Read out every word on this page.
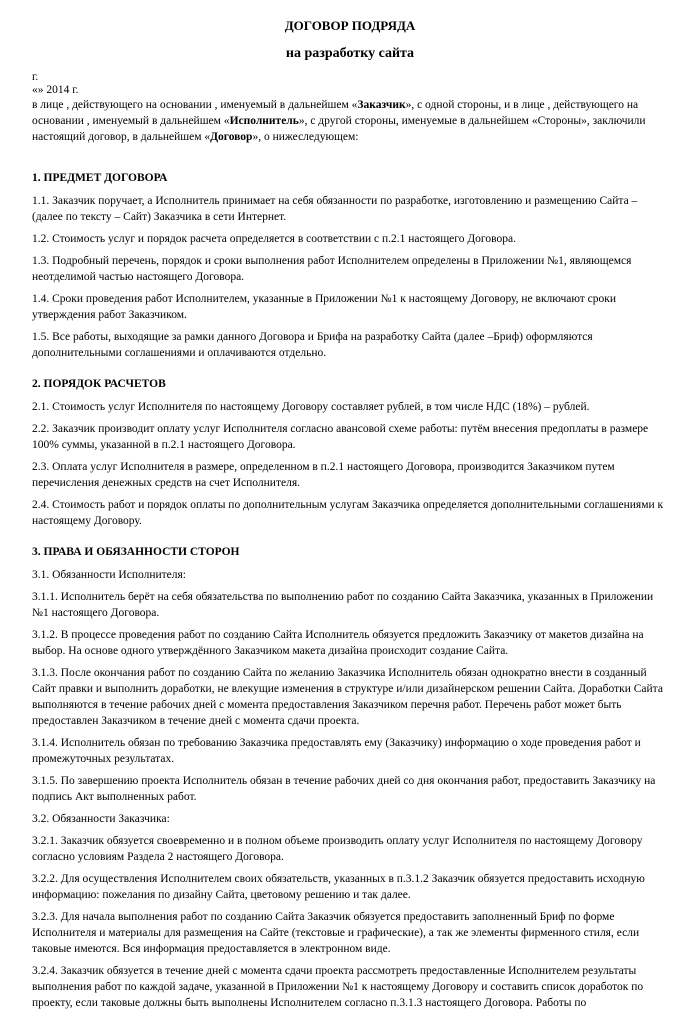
ДОГОВОР ПОДРЯДА
на разработку сайта
г.
«» 2014 г.
в лице , действующего на основании , именуемый в дальнейшем «Заказчик», с одной стороны, и в лице , действующего на основании , именуемый в дальнейшем «Исполнитель», с другой стороны, именуемые в дальнейшем «Стороны», заключили настоящий договор, в дальнейшем «Договор», о нижеследующем:
1. ПРЕДМЕТ ДОГОВОРА

1.1. Заказчик поручает, а Исполнитель принимает на себя обязанности по разработке, изготовлению и размещению Сайта – (далее по тексту – Сайт) Заказчика в сети Интернет.

1.2. Стоимость услуг и порядок расчета определяется в соответствии с п.2.1 настоящего Договора.

1.3. Подробный перечень, порядок и сроки выполнения работ Исполнителем определены в Приложении №1, являющемся неотделимой частью настоящего Договора.

1.4. Сроки проведения работ Исполнителем, указанные в Приложении №1 к настоящему Договору, не включают сроки утверждения работ Заказчиком.

1.5. Все работы, выходящие за рамки данного Договора и Брифа на разработку Сайта (далее –Бриф) оформляются дополнительными соглашениями и оплачиваются отдельно.

2. ПОРЯДОК РАСЧЕТОВ

2.1. Стоимость услуг Исполнителя по настоящему Договору составляет рублей, в том числе НДС (18%) – рублей.

2.2. Заказчик производит оплату услуг Исполнителя согласно авансовой схеме работы: путём внесения предоплаты в размере 100% суммы, указанной в п.2.1 настоящего Договора.

2.3. Оплата услуг Исполнителя в размере, определенном в п.2.1 настоящего Договора, производится Заказчиком путем перечисления денежных средств на счет Исполнителя.

2.4. Стоимость работ и порядок оплаты по дополнительным услугам Заказчика определяется дополнительными соглашениями к настоящему Договору.

3. ПРАВА И ОБЯЗАННОСТИ СТОРОН

3.1. Обязанности Исполнителя:

3.1.1. Исполнитель берёт на себя обязательства по выполнению работ по созданию Сайта Заказчика, указанных в Приложении №1 настоящего Договора.

3.1.2. В процессе проведения работ по созданию Сайта Исполнитель обязуется предложить Заказчику от макетов дизайна на выбор. На основе одного утверждённого Заказчиком макета дизайна происходит создание Сайта.

3.1.3. После окончания работ по созданию Сайта по желанию Заказчика Исполнитель обязан однократно внести в созданный Сайт правки и выполнить доработки, не влекущие изменения в структуре и/или дизайнерском решении Сайта. Доработки Сайта выполняются в течение рабочих дней с момента предоставления Заказчиком перечня работ. Перечень работ может быть предоставлен Заказчиком в течение дней с момента сдачи проекта.

3.1.4. Исполнитель обязан по требованию Заказчика предоставлять ему (Заказчику) информацию о ходе проведения работ и промежуточных результатах.

3.1.5. По завершению проекта Исполнитель обязан в течение рабочих дней со дня окончания работ, предоставить Заказчику на подпись Акт выполненных работ.

3.2. Обязанности Заказчика:

3.2.1. Заказчик обязуется своевременно и в полном объеме производить оплату услуг Исполнителя по настоящему Договору согласно условиям Раздела 2 настоящего Договора.

3.2.2. Для осуществления Исполнителем своих обязательств, указанных в п.3.1.2 Заказчик обязуется предоставить исходную информацию: пожелания по дизайну Сайта, цветовому решению и так далее.

3.2.3. Для начала выполнения работ по созданию Сайта Заказчик обязуется предоставить заполненный Бриф по форме Исполнителя и материалы для размещения на Сайте (текстовые и графические), а так же элементы фирменного стиля, если таковые имеются. Вся информация предоставляется в электронном виде.

3.2.4. Заказчик обязуется в течение дней с момента сдачи проекта рассмотреть предоставленные Исполнителем результаты выполнения работ по каждой задаче, указанной в Приложении №1 к настоящему Договору и составить список доработок по проекту, если таковые должны быть выполнены Исполнителем согласно п.3.1.3 настоящего Договора. Работы по
